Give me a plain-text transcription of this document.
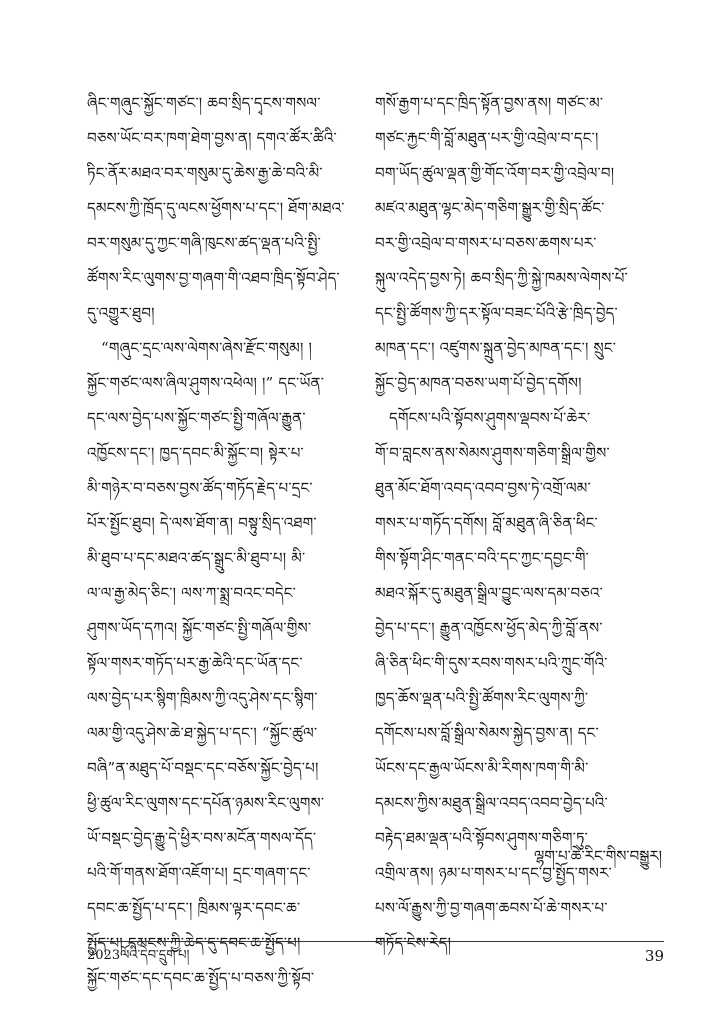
ཞིང་གཞུང་སྐྱོང་གཙང་། ཆབ་སྲིད་དྭངས་གསལ་
བཅས་ཡོང་བར་ཁག་ཐེག་བྱས་ན། དགའ་ཚོར་ཚིའི་
ཏིང་ནོར་མཐའ་བར་གསུམ་དུ་ཆེས་རྒྱ་ཆེ་བའི་མི་
དམངས་ཀྱི་ཁྲོད་དུ་ལངས་ཕྱོགས་པ་དང་། ཐོག་མཐའ་
བར་གསུམ་དུ་ཀྱང་གཞི་ཁུངས་ཚད་ལྡན་པའི་སྤྱི་
ཚོགས་རིང་ལུགས་བྱ་གཞག་གི་འཐབ་ཁྲིད་སྟོབ་ཤེད་
དུ་འགྱུར་ཐུབ།
“གཞུང་དྲང་ལས་ལེགས་ཞེས་རྫོང་གསུམ། །
སྐྱོང་གཙང་ལས་ཞིལ་ཤུགས་འཕེལ། །” དང་ཡོན་
དང་ལས་བྱེད་པས་སྐྱོང་གཙང་སྤྱི་གཞོལ་རྒྱུན་
འཁྱོངས་དང་། ཁྱད་དབང་མི་སྐྱོང་བ། སྟེར་པ་
མི་གཉེར་བ་བཅས་བྱས་ཚོད་གཏོད་རྗེད་པ་དྲང་
པོར་སྤྱོང་ཐུབ། དེ་ལས་ཐོག་ན། བསྟུ་སྲིད་འཐག་
མི་ཐུབ་པ་དང་མཐའ་ཚད་སྒྲུང་མི་ཐུབ་པ། མི་
ལ་ལ་རྒྱ་མེད་ཅིང་། ལས་ཀ་སྨྲ་བའང་བདེང་
ཤུགས་ཡོད་དཀའ། སྐྱོང་གཙང་སྤྱི་གཞོལ་གྱིས་
སྟོལ་གསར་གཏོད་པར་རྒྱ་ཆེའི་དང་ཡོན་དང་
ལས་བྱེད་པར་སྙིག་ཁྲིམས་ཀྱི་འདུ་ཤེས་དང་སྙིག་
ལམ་གྱི་འདུ་ཤེས་ཆེ་ཐ་སྐྱེད་པ་དང་། “སྐྱོང་ཚུལ་
བཞི”ན་མཐུད་པོ་བསྡང་དང་བཅོས་སྐྱོང་བྱེད་པ།
ཕྱི་ཚུལ་རིང་ལུགས་དང་དཔོན་ཉམས་རིང་ལུགས་
ཡོ་བསྡང་བྱེད་རྒྱུ་དེ་ཕྱིར་བས་མངོན་གསལ་དོད་
པའི་གོ་གནས་ཐོག་འཇོག་པ། དྲང་གཞག་དང་
དབང་ཆ་སྤྱོད་པ་དང་། ཁྲིམས་ལྟར་དབང་ཆ་
སྤྱོད་པ། དམངས་ཀྱི་ཆེད་དུ་དབང་ཆ་སྤྱོད་པ།
སྐྱོང་གཙང་དང་དབང་ཆ་སྤྱོད་པ་བཅས་ཀྱི་སྟོབ་
གསོ་རྒྱག་པ་དང་ཁྲིད་སྟོན་བྱས་ནས། གཙང་མ་
གཙང་རྐྱང་གི་བློ་མཐུན་པར་གྱི་འབྲེལ་བ་དང་།
བག་ཡོད་ཚུལ་ལྡན་གྱི་གོང་འོག་བར་གྱི་འབྲེལ་བ།
མཛའ་མཐུན་ལྷང་མེད་གཅིག་སྒྱུར་གྱི་སྲིད་ཚོང་
བར་གྱི་འབྲེལ་བ་གསར་པ་བཅས་ཆགས་པར་
སྐུལ་འདེད་བྱས་ཏེ། ཆབ་སྲིད་ཀྱི་སྐྱེ་ཁམས་ལེགས་པོ་
དང་སྤྱི་ཚོགས་ཀྱི་དར་སྟོལ་བཟང་པོའི་རྩེ་ཁྲིད་བྱེད་
མཁན་དང་། འཛུགས་སྐྲུན་བྱེད་མཁན་དང་། སྲུང་
སྐྱོང་བྱེད་མཁན་བཅས་ཡག་པོ་བྱེད་དགོས།
དགོངས་པའི་སྟོབས་ཤུགས་ལྡབས་པོ་ཆེར་
གོ་བ་བླངས་ནས་སེམས་ཤུགས་གཅིག་སྒྲིལ་གྱིས་
ཐུན་མོང་ཐོག་འབད་འབབ་བྱས་ཏེ་འགྲོ་ལམ་
གསར་པ་གཏོད་དགོས། བློ་མཐུན་ཞི་ཅིན་ཕིང་
གིས་སྟོག་ཤིང་གནང་བའི་དང་ཀྱང་དབྱང་གི་
མཐའ་སྐོར་དུ་མཐུན་སྒྲིལ་བྱུང་ལས་དམ་བཅའ་
བྱེད་པ་དང་། རྒྱུན་འཁྱོངས་ཕྱོད་མེད་ཀྱི་བློ་ནས་
ཞི་ཅིན་ཕིང་གི་དུས་རབས་གསར་པའི་ཀྲུང་གོའི་
ཁྱད་ཆོས་ལྡན་པའི་སྤྱི་ཚོགས་རིང་ལུགས་ཀྱི་
དགོངས་པས་བློ་སྒྲིལ་སེམས་སྐྱེད་བྱས་ན། དང་
ཡོངས་དང་རྒྱལ་ཡོངས་མི་རིགས་ཁག་གི་མི་
དམངས་ཀྱིས་མཐུན་སྒྲིལ་འབད་འབབ་བྱེད་པའི་
བརྟེད་ཐམ་ལྡན་པའི་སྟོབས་ཤུགས་གཅིག་ཏུ་
འགྲིལ་ནས། ཉམ་པ་གསར་པ་དང་བྱ་སྤྱོད་གསར་
པས་ལོ་རྒྱུས་ཀྱི་བྱ་གཞག་ཆབས་པོ་ཆེ་གསར་པ་
གཏོད་ངེས་རེད།
ལྷག་པ་ཚེ་རིང་གིས་བསྒྱུར།
2023ལོའི་དེབ་དྲུག་པ།	39
